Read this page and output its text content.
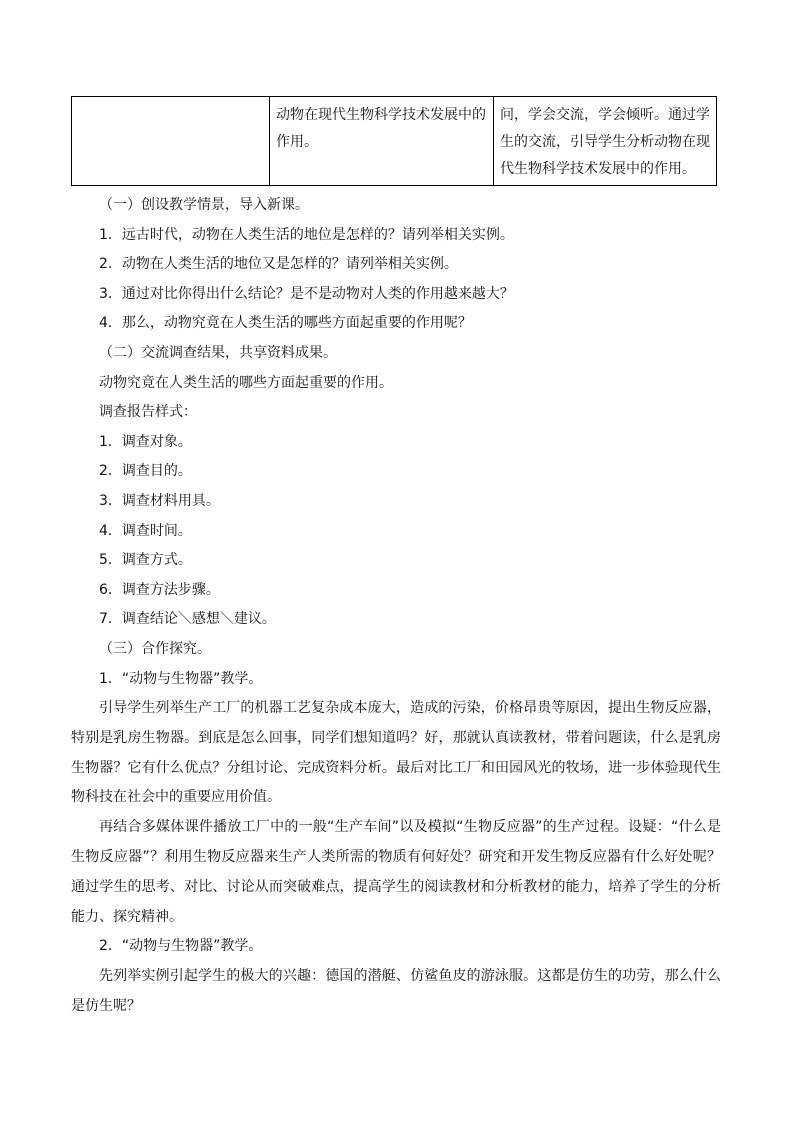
	动物在现代生物科学技术发展中的作用。	问，学会交流，学会倾听。通过学生的交流，引导学生分析动物在现代生物科学技术发展中的作用。

（一）创设教学情景，导入新课。

1．远古时代，动物在人类生活的地位是怎样的？请列举相关实例。

2．动物在人类生活的地位又是怎样的？请列举相关实例。

3．通过对比你得出什么结论？是不是动物对人类的作用越来越大？

4．那么，动物究竟在人类生活的哪些方面起重要的作用呢？

（二）交流调查结果，共享资料成果。

动物究竟在人类生活的哪些方面起重要的作用。

调查报告样式：

1．调查对象。

2．调查目的。

3．调查材料用具。

4．调查时间。

5．调查方式。

6．调查方法步骤。

7．调查结论＼感想＼建议。

（三）合作探究。

1．“动物与生物器”教学。

引导学生列举生产工厂的机器工艺复杂成本庞大，造成的污染，价格昂贵等原因，提出生物反应器，特别是乳房生物器。到底是怎么回事，同学们想知道吗？好，那就认真读教材，带着问题读，什么是乳房生物器？它有什么优点？分组讨论、完成资料分析。最后对比工厂和田园风光的牧场，进一步体验现代生物科技在社会中的重要应用价值。

再结合多媒体课件播放工厂中的一般“生产车间”以及模拟“生物反应器”的生产过程。设疑：“什么是生物反应器”？利用生物反应器来生产人类所需的物质有何好处？研究和开发生物反应器有什么好处呢？通过学生的思考、对比、讨论从而突破难点，提高学生的阅读教材和分析教材的能力，培养了学生的分析能力、探究精神。

2．“动物与生物器”教学。

先列举实例引起学生的极大的兴趣：德国的潜艇、仿鲨鱼皮的游泳服。这都是仿生的功劳，那么什么是仿生呢？
